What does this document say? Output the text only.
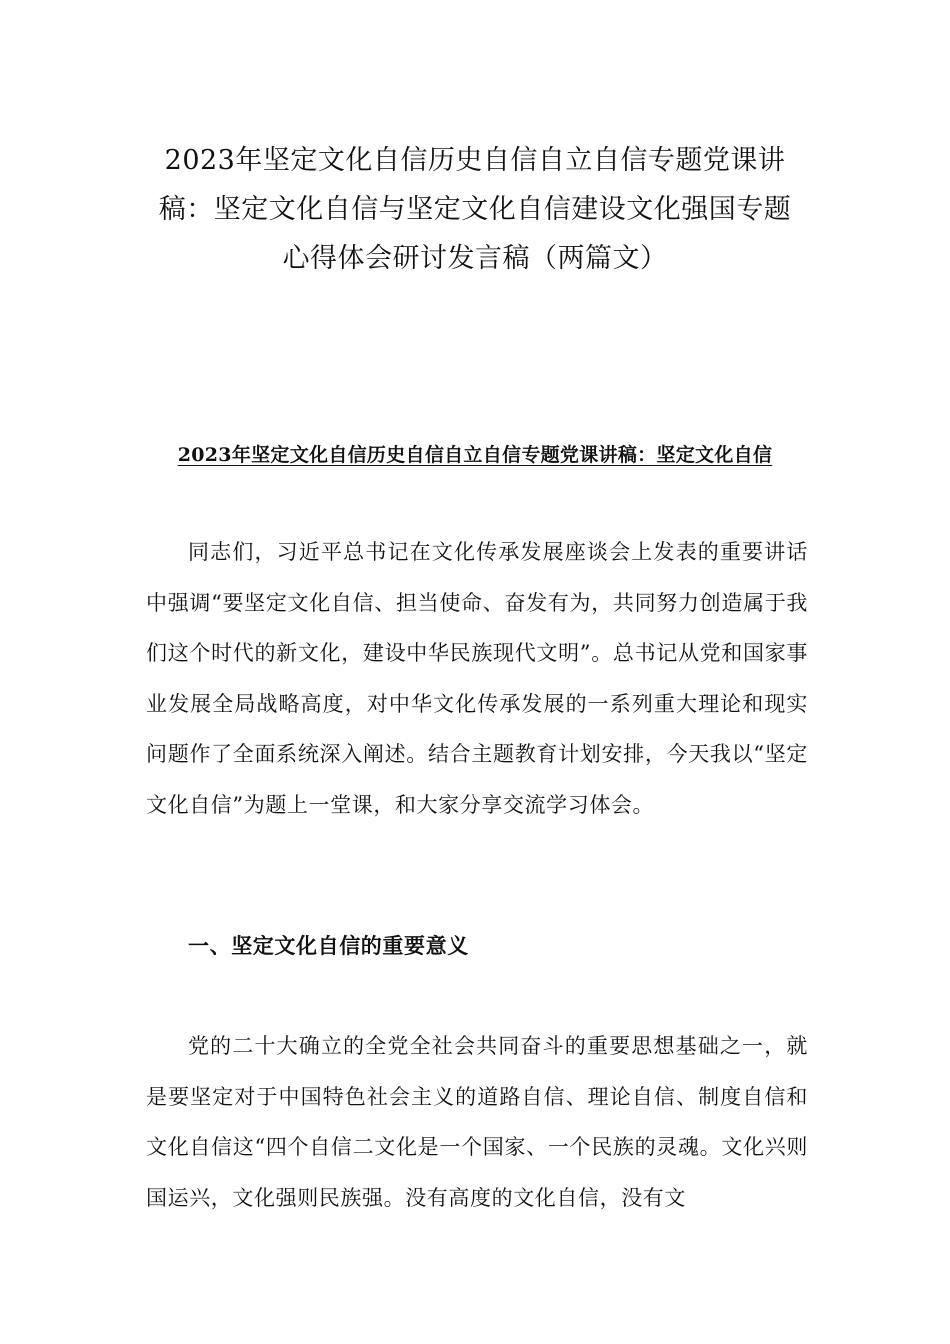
2023年坚定文化自信历史自信自立自信专题党课讲
稿：坚定文化自信与坚定文化自信建设文化强国专题
心得体会研讨发言稿（两篇文）
2023年坚定文化自信历史自信自立自信专题党课讲稿：坚定文化自信

同志们，习近平总书记在文化传承发展座谈会上发表的重要讲话中强调“要坚定文化自信、担当使命、奋发有为，共同努力创造属于我们这个时代的新文化，建设中华民族现代文明”。总书记从党和国家事业发展全局战略高度，对中华文化传承发展的一系列重大理论和现实问题作了全面系统深入阐述。结合主题教育计划安排，今天我以“坚定文化自信”为题上一堂课，和大家分享交流学习体会。

一、坚定文化自信的重要意义

党的二十大确立的全党全社会共同奋斗的重要思想基础之一，就是要坚定对于中国特色社会主义的道路自信、理论自信、制度自信和文化自信这“四个自信二文化是一个国家、一个民族的灵魂。文化兴则国运兴，文化强则民族强。没有高度的文化自信，没有文
